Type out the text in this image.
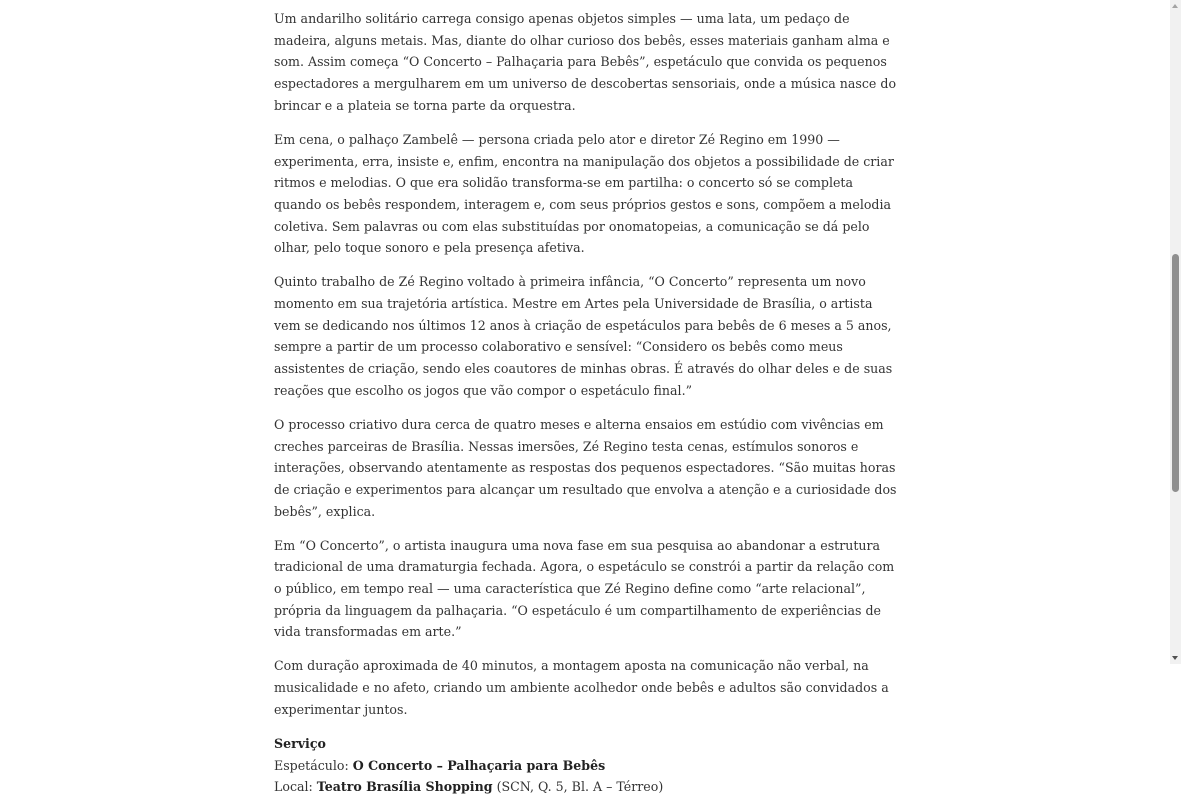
Um andarilho solitário carrega consigo apenas objetos simples — uma lata, um pedaço de madeira, alguns metais. Mas, diante do olhar curioso dos bebês, esses materiais ganham alma e som. Assim começa “O Concerto – Palhaçaria para Bebês”, espetáculo que convida os pequenos espectadores a mergulharem em um universo de descobertas sensoriais, onde a música nasce do brincar e a plateia se torna parte da orquestra.

Em cena, o palhaço Zambelê — persona criada pelo ator e diretor Zé Regino em 1990 — experimenta, erra, insiste e, enfim, encontra na manipulação dos objetos a possibilidade de criar ritmos e melodias. O que era solidão transforma-se em partilha: o concerto só se completa quando os bebês respondem, interagem e, com seus próprios gestos e sons, compõem a melodia coletiva. Sem palavras ou com elas substituídas por onomatopeias, a comunicação se dá pelo olhar, pelo toque sonoro e pela presença afetiva.

Quinto trabalho de Zé Regino voltado à primeira infância, “O Concerto” representa um novo momento em sua trajetória artística. Mestre em Artes pela Universidade de Brasília, o artista vem se dedicando nos últimos 12 anos à criação de espetáculos para bebês de 6 meses a 5 anos, sempre a partir de um processo colaborativo e sensível: “Considero os bebês como meus assistentes de criação, sendo eles coautores de minhas obras. É através do olhar deles e de suas reações que escolho os jogos que vão compor o espetáculo final.”

O processo criativo dura cerca de quatro meses e alterna ensaios em estúdio com vivências em creches parceiras de Brasília. Nessas imersões, Zé Regino testa cenas, estímulos sonoros e interações, observando atentamente as respostas dos pequenos espectadores. “São muitas horas de criação e experimentos para alcançar um resultado que envolva a atenção e a curiosidade dos bebês”, explica.

Em “O Concerto”, o artista inaugura uma nova fase em sua pesquisa ao abandonar a estrutura tradicional de uma dramaturgia fechada. Agora, o espetáculo se constrói a partir da relação com o público, em tempo real — uma característica que Zé Regino define como “arte relacional”, própria da linguagem da palhaçaria. “O espetáculo é um compartilhamento de experiências de vida transformadas em arte.”

Com duração aproximada de 40 minutos, a montagem aposta na comunicação não verbal, na musicalidade e no afeto, criando um ambiente acolhedor onde bebês e adultos são convidados a experimentar juntos.

Serviço

Espetáculo: O Concerto – Palhaçaria para Bebês

Local: Teatro Brasília Shopping (SCN, Q. 5, Bl. A – Térreo)
